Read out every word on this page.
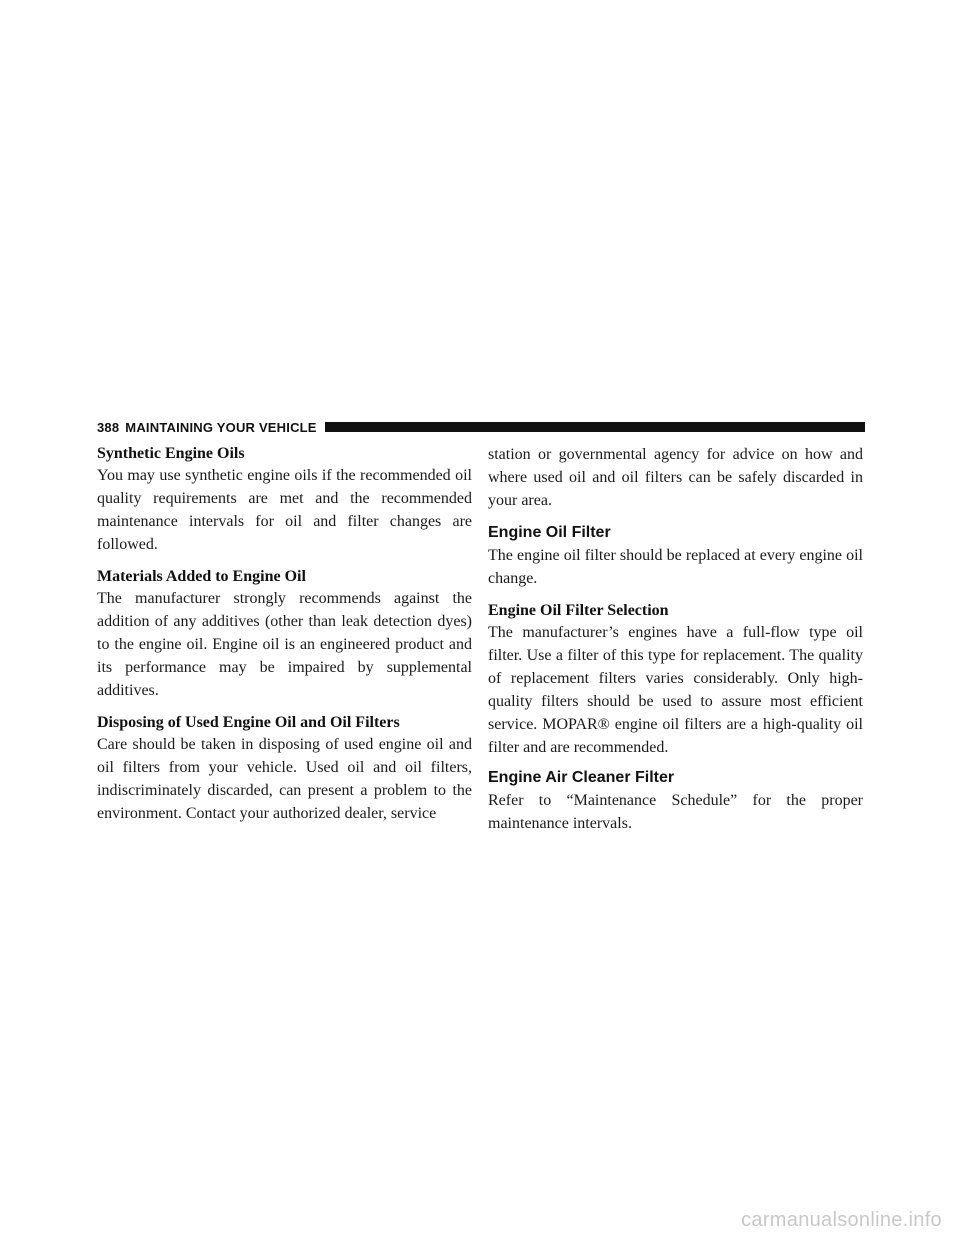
388 MAINTAINING YOUR VEHICLE
Synthetic Engine Oils

You may use synthetic engine oils if the recommended oil quality requirements are met and the recommended maintenance intervals for oil and filter changes are followed.

Materials Added to Engine Oil

The manufacturer strongly recommends against the addition of any additives (other than leak detection dyes) to the engine oil. Engine oil is an engineered product and its performance may be impaired by supplemental additives.

Disposing of Used Engine Oil and Oil Filters

Care should be taken in disposing of used engine oil and oil filters from your vehicle. Used oil and oil filters, indiscriminately discarded, can present a problem to the environment. Contact your authorized dealer, service

station or governmental agency for advice on how and where used oil and oil filters can be safely discarded in your area.

Engine Oil Filter

The engine oil filter should be replaced at every engine oil change.

Engine Oil Filter Selection

The manufacturer’s engines have a full-flow type oil filter. Use a filter of this type for replacement. The quality of replacement filters varies considerably. Only high-quality filters should be used to assure most efficient service. MOPAR® engine oil filters are a high-quality oil filter and are recommended.

Engine Air Cleaner Filter

Refer to “Maintenance Schedule” for the proper maintenance intervals.

carmanualsonline.info
